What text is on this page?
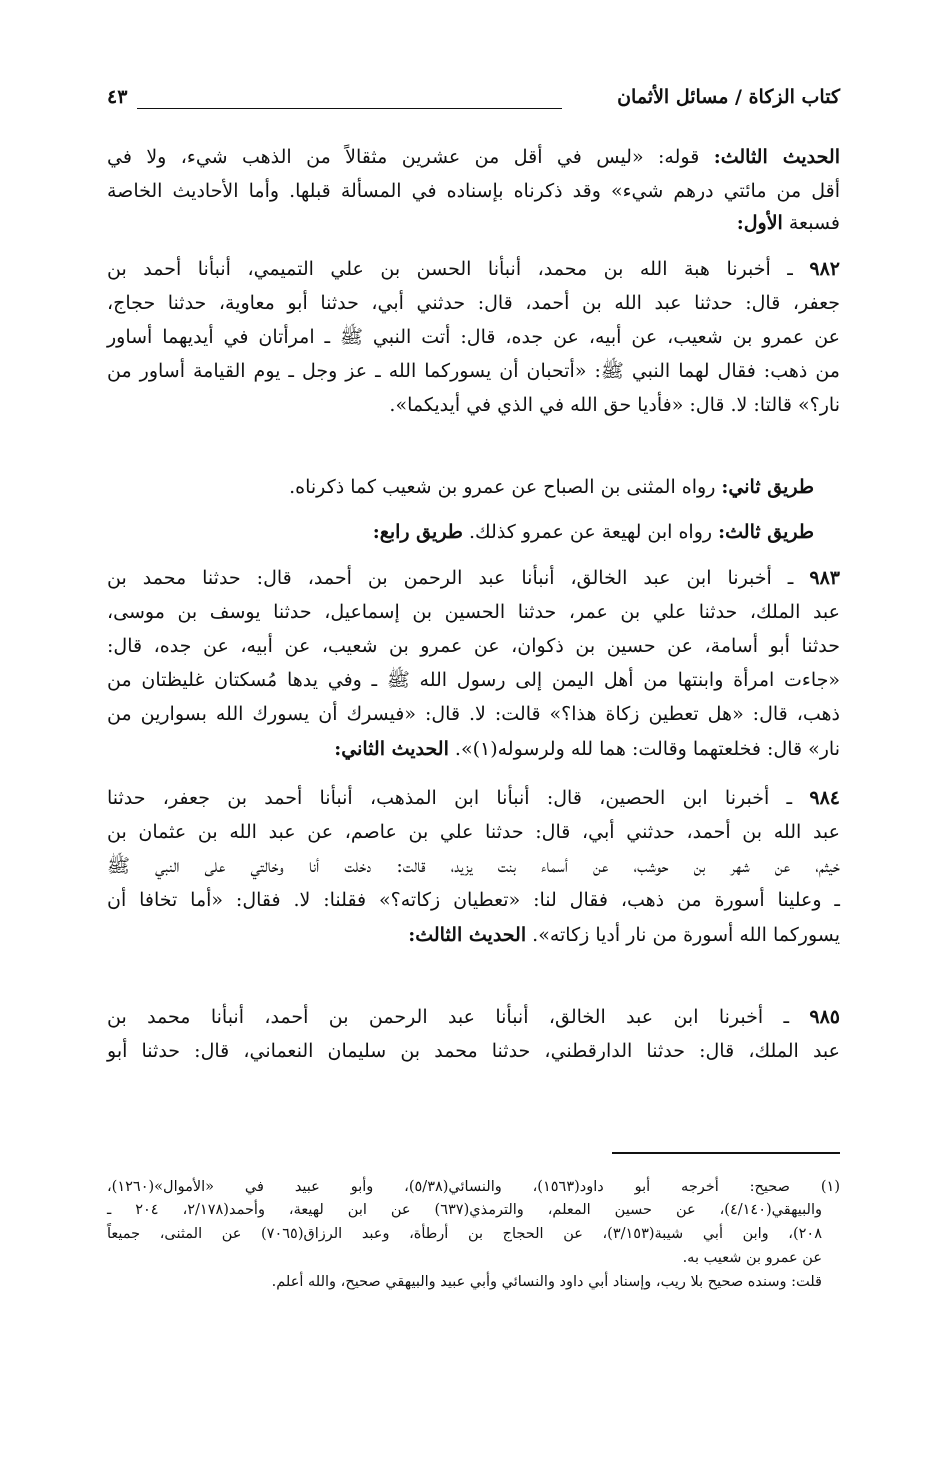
كتاب الزكاة / مسائل الأثمان
٤٣
الحديث الثالث: قوله: «ليس في أقل من عشرين مثقالاً من الذهب شيء، ولا في
أقل من مائتي درهم شيء» وقد ذكرناه بإسناده في المسألة قبلها. وأما الأحاديث الخاصة
فسبعة الأول:
٩٨٢ ـ أخبرنا هبة الله بن محمد، أنبأنا الحسن بن علي التميمي، أنبأنا أحمد بن
جعفر، قال: حدثنا عبد الله بن أحمد، قال: حدثني أبي، حدثنا أبو معاوية، حدثنا حجاج،
عن عمرو بن شعيب، عن أبيه، عن جده، قال: أتت النبي ﷺ ـ امرأتان في أيديهما أساور
من ذهب: فقال لهما النبي ﷺ: «أتحبان أن يسوركما الله ـ عز وجل ـ يوم القيامة أساور من
نار؟» قالتا: لا. قال: «فأديا حق الله في الذي في أيديكما».
طريق ثاني: رواه المثنى بن الصباح عن عمرو بن شعيب كما ذكرناه.
طريق ثالث: رواه ابن لهيعة عن عمرو كذلك. طريق رابع:
٩٨٣ ـ أخبرنا ابن عبد الخالق، أنبأنا عبد الرحمن بن أحمد، قال: حدثنا محمد بن
عبد الملك، حدثنا علي بن عمر، حدثنا الحسين بن إسماعيل، حدثنا يوسف بن موسى،
حدثنا أبو أسامة، عن حسين بن ذكوان، عن عمرو بن شعيب، عن أبيه، عن جده، قال:
«جاءت امرأة وابنتها من أهل اليمن إلى رسول الله ﷺ ـ وفي يدها مُسكتان غليظتان من
ذهب، قال: «هل تعطين زكاة هذا؟» قالت: لا. قال: «فيسرك أن يسورك الله بسوارين من
نار» قال: فخلعتهما وقالت: هما لله ولرسوله(١)». الحديث الثاني:
٩٨٤ ـ أخبرنا ابن الحصين، قال: أنبأنا ابن المذهب، أنبأنا أحمد بن جعفر، حدثنا
عبد الله بن أحمد، حدثني أبي، قال: حدثنا علي بن عاصم، عن عبد الله بن عثمان بن
خيثم، عن شهر بن حوشب، عن أسماء بنت يزيد، قالت: دخلت أنا وخالتي على النبي ﷺ
ـ وعلينا أسورة من ذهب، فقال لنا: «تعطيان زكاته؟» فقلنا: لا. فقال: «أما تخافا أن
يسوركما الله أسورة من نار أديا زكاته». الحديث الثالث:
٩٨٥ ـ أخبرنا ابن عبد الخالق، أنبأنا عبد الرحمن بن أحمد، أنبأنا محمد بن
عبد الملك، قال: حدثنا الدارقطني، حدثنا محمد بن سليمان النعماني، قال: حدثنا أبو
(١) صحيح: أخرجه أبو داود(١٥٦٣)، والنسائي(٥/٣٨)، وأبو عبيد في «الأموال»(١٢٦٠)،
والبيهقي(٤/١٤٠)، عن حسين المعلم، والترمذي(٦٣٧) عن ابن لهيعة، وأحمد(٢/١٧٨، ٢٠٤ ـ
٢٠٨)، وابن أبي شيبة(٣/١٥٣)، عن الحجاج بن أرطأة، وعبد الرزاق(٧٠٦٥) عن المثنى، جميعاً
عن عمرو بن شعيب به.
قلت: وسنده صحيح بلا ريب، وإسناد أبي داود والنسائي وأبي عبيد والبيهقي صحيح، والله أعلم.
